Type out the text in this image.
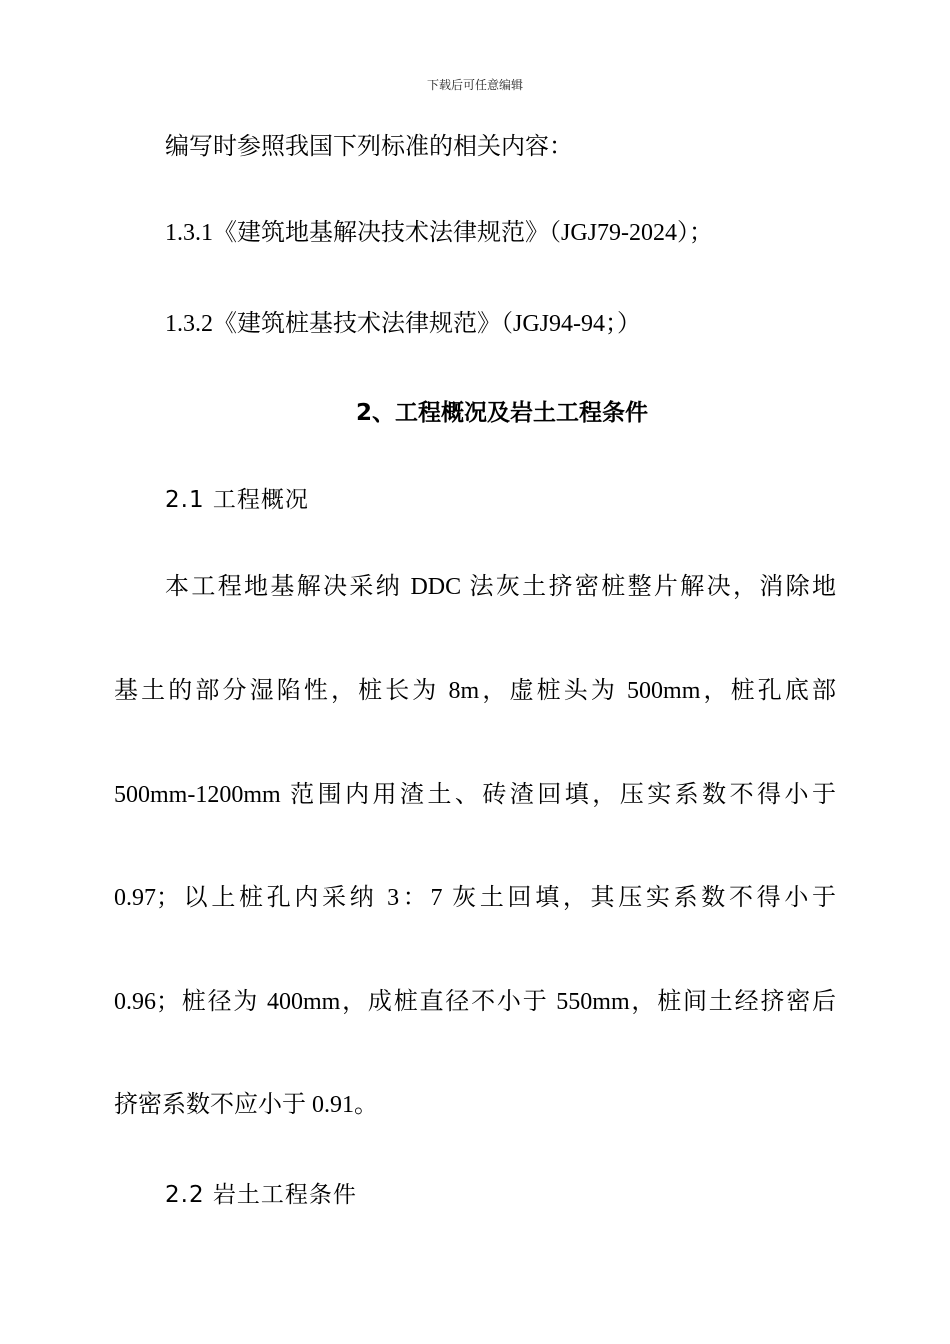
下载后可任意编辑
编写时参照我国下列标准的相关内容：
1.3.1《建筑地基解决技术法律规范》（JGJ79-2024）；
1.3.2《建筑桩基技术法律规范》（JGJ94-94；）
2、工程概况及岩土工程条件
2.1 工程概况
本工程地基解决采纳 DDC 法灰土挤密桩整片解决，消除地
基土的部分湿陷性，桩长为 8m，虚桩头为 500mm，桩孔底部
500mm-1200mm 范围内用渣土、砖渣回填，压实系数不得小于
0.97；以上桩孔内采纳 3：7 灰土回填，其压实系数不得小于
0.96；桩径为 400mm，成桩直径不小于 550mm，桩间土经挤密后
挤密系数不应小于 0.91。
2.2 岩土工程条件
